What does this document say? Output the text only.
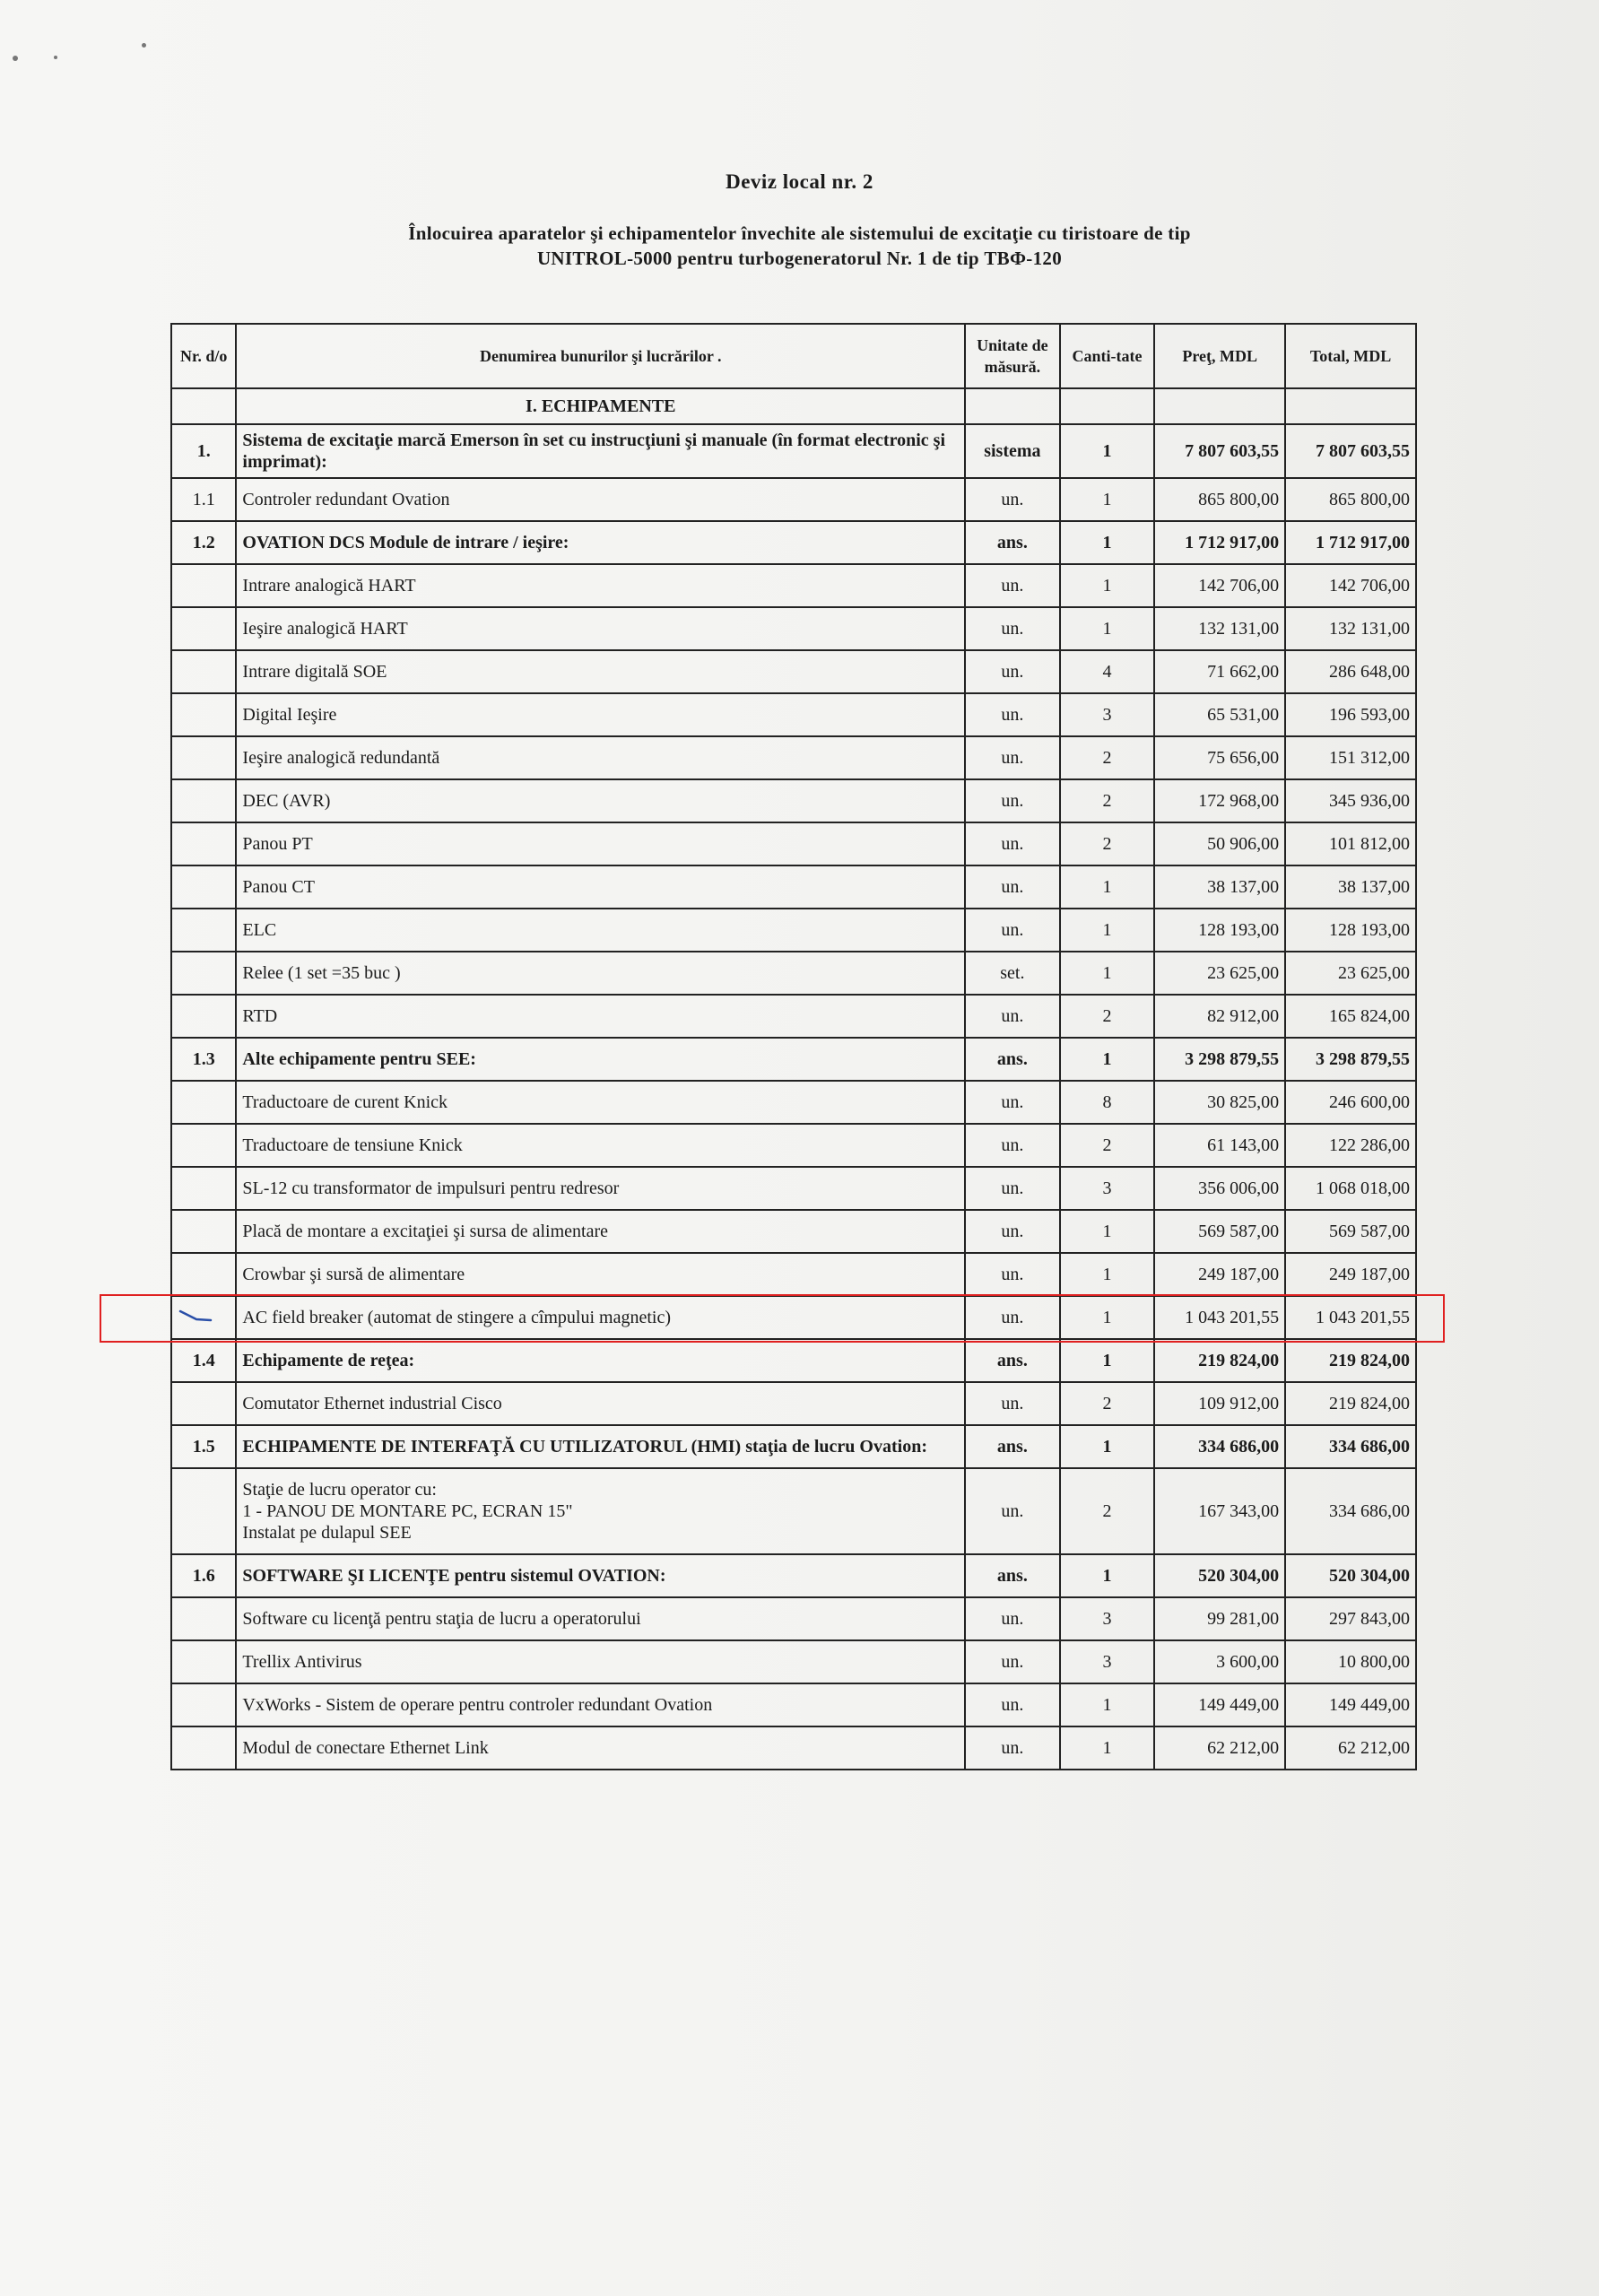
Deviz local nr. 2
Înlocuirea aparatelor şi echipamentelor învechite ale sistemului de excitaţie cu tiristoare de tip
UNITROL-5000 pentru turbogeneratorul Nr. 1 de tip ТВФ-120
Nr. d/o	Denumirea bunurilor şi lucrărilor .	Unitate de măsură.	Canti-tate	Preţ, MDL	Total, MDL
	I. ECHIPAMENTE				
1.	Sistema de excitaţie marcă Emerson în set cu instrucţiuni şi manuale (în format electronic şi imprimat):	sistema	1	7 807 603,55	7 807 603,55
1.1	Controler redundant Ovation	un.	1	865 800,00	865 800,00
1.2	OVATION DCS Module de intrare / ieşire:	ans.	1	1 712 917,00	1 712 917,00
	Intrare analogică HART	un.	1	142 706,00	142 706,00
	Ieşire analogică HART	un.	1	132 131,00	132 131,00
	Intrare digitală SOE	un.	4	71 662,00	286 648,00
	Digital Ieşire	un.	3	65 531,00	196 593,00
	Ieşire analogică redundantă	un.	2	75 656,00	151 312,00
	DEC (AVR)	un.	2	172 968,00	345 936,00
	Panou PT	un.	2	50 906,00	101 812,00
	Panou CT	un.	1	38 137,00	38 137,00
	ELC	un.	1	128 193,00	128 193,00
	Releе (1 set =35 buc )	set.	1	23 625,00	23 625,00
	RTD	un.	2	82 912,00	165 824,00
1.3	Alte echipamente pentru SEE:	ans.	1	3 298 879,55	3 298 879,55
	Traductoare de curent Knick	un.	8	30 825,00	246 600,00
	Traductoare de tensiune Knick	un.	2	61 143,00	122 286,00
	SL-12 cu transformator de impulsuri pentru redresor	un.	3	356 006,00	1 068 018,00
	Placă de montare a excitaţiei şi sursa de alimentare	un.	1	569 587,00	569 587,00
	Crowbar şi sursă de alimentare	un.	1	249 187,00	249 187,00
	AC field breaker (automat de stingere a cîmpului magnetic)	un.	1	1 043 201,55	1 043 201,55
1.4	Echipamente de reţeа:	ans.	1	219 824,00	219 824,00
	Comutator Ethernet industrial Cisco	un.	2	109 912,00	219 824,00
1.5	ECHIPAMENTE DE INTERFAŢĂ CU UTILIZATORUL (HMI) staţia de lucru Ovation:	ans.	1	334 686,00	334 686,00
	Staţie de lucru operator cu:
1 - PANOU DE MONTARE PC, ECRAN 15"
Instalat pe dulapul SEE	un.	2	167 343,00	334 686,00
1.6	SOFTWARE ŞI LICENŢE pentru sistemul OVATION:	ans.	1	520 304,00	520 304,00
	Software cu licenţă pentru staţia de lucru a operatorului	un.	3	99 281,00	297 843,00
	Trellix Antivirus	un.	3	3 600,00	10 800,00
	VxWorks - Sistem de operare pentru controler redundant Ovation	un.	1	149 449,00	149 449,00
	Modul de conectare Ethernet Link	un.	1	62 212,00	62 212,00
